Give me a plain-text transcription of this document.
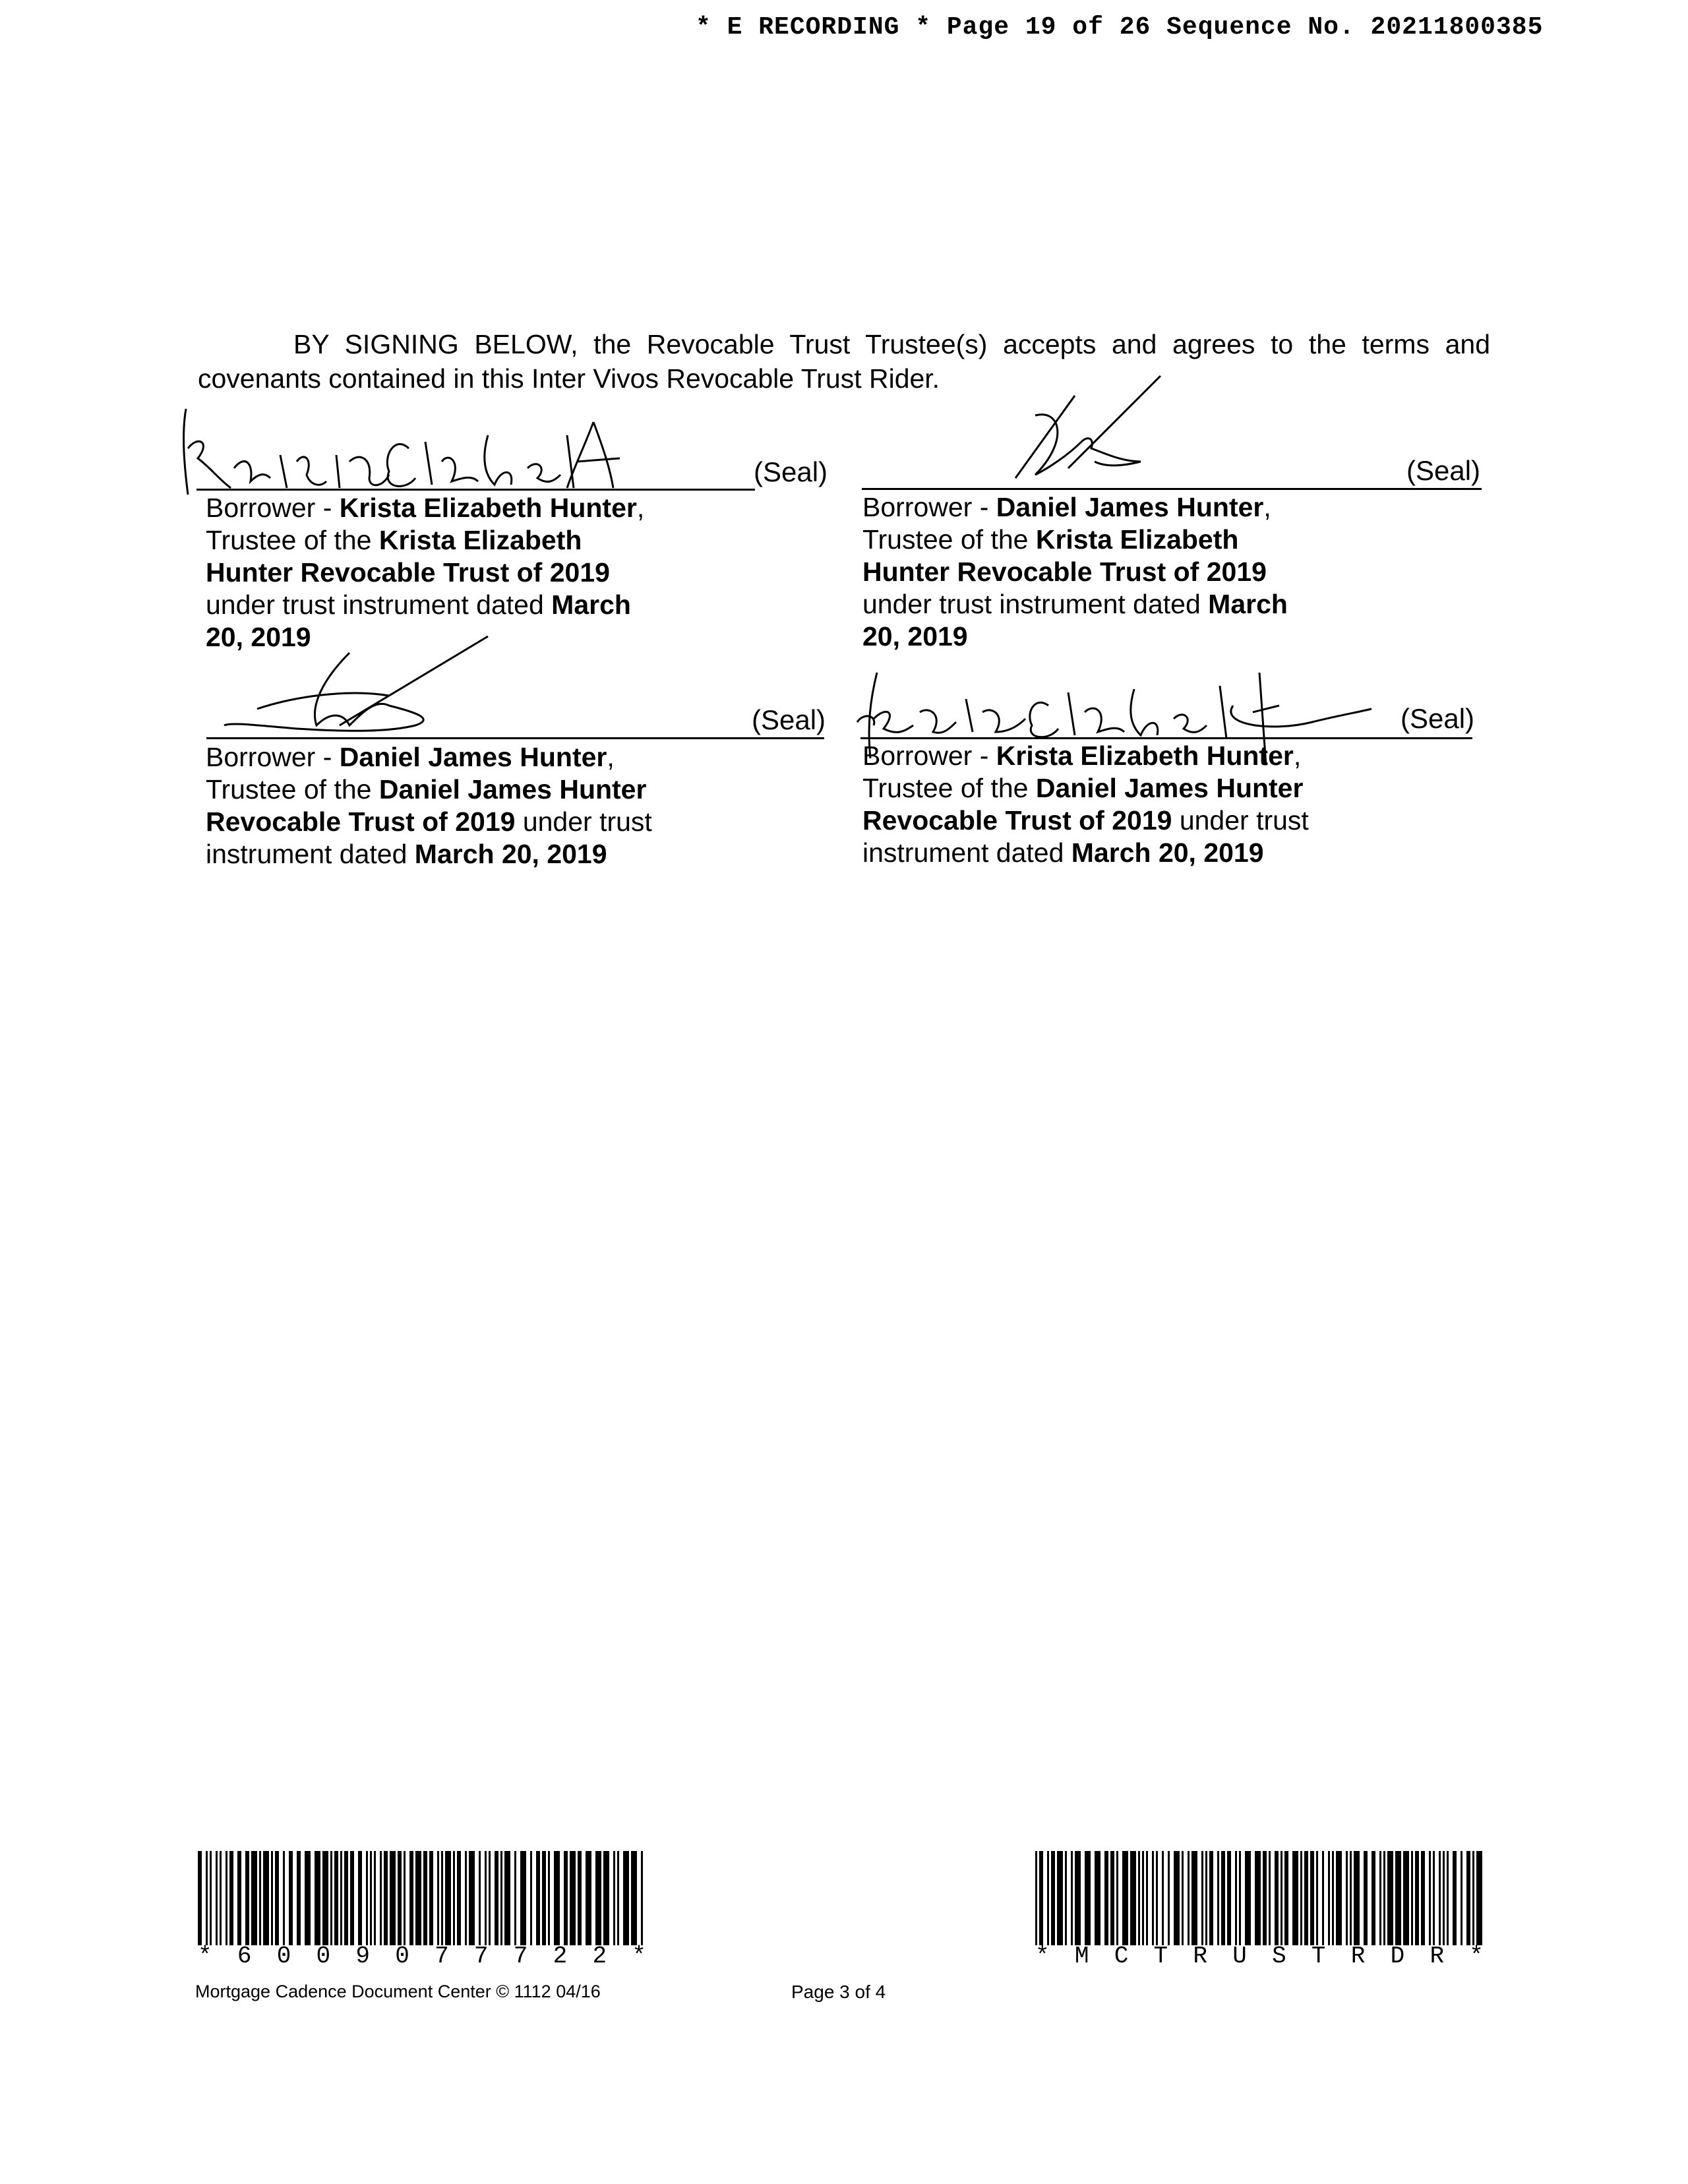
* E RECORDING * Page 19 of 26 Sequence No. 20211800385
BY SIGNING BELOW, the Revocable Trust Trustee(s) accepts and agrees to the terms and covenants contained in this Inter Vivos Revocable Trust Rider.
(Seal)
Borrower - Krista Elizabeth Hunter, Trustee of the Krista Elizabeth Hunter Revocable Trust of 2019 under trust instrument dated March 20, 2019
(Seal)
Borrower - Daniel James Hunter, Trustee of the Krista Elizabeth Hunter Revocable Trust of 2019 under trust instrument dated March 20, 2019
(Seal)
Borrower - Daniel James Hunter, Trustee of the Daniel James Hunter Revocable Trust of 2019 under trust instrument dated March 20, 2019
(Seal)
Borrower - Krista Elizabeth Hunter, Trustee of the Daniel James Hunter Revocable Trust of 2019 under trust instrument dated March 20, 2019
* 6 0 0 9 0 7 7 7 2 2 *	* M C T R U S T R D R *
Mortgage Cadence Document Center © 1112 04/16	Page 3 of 4
